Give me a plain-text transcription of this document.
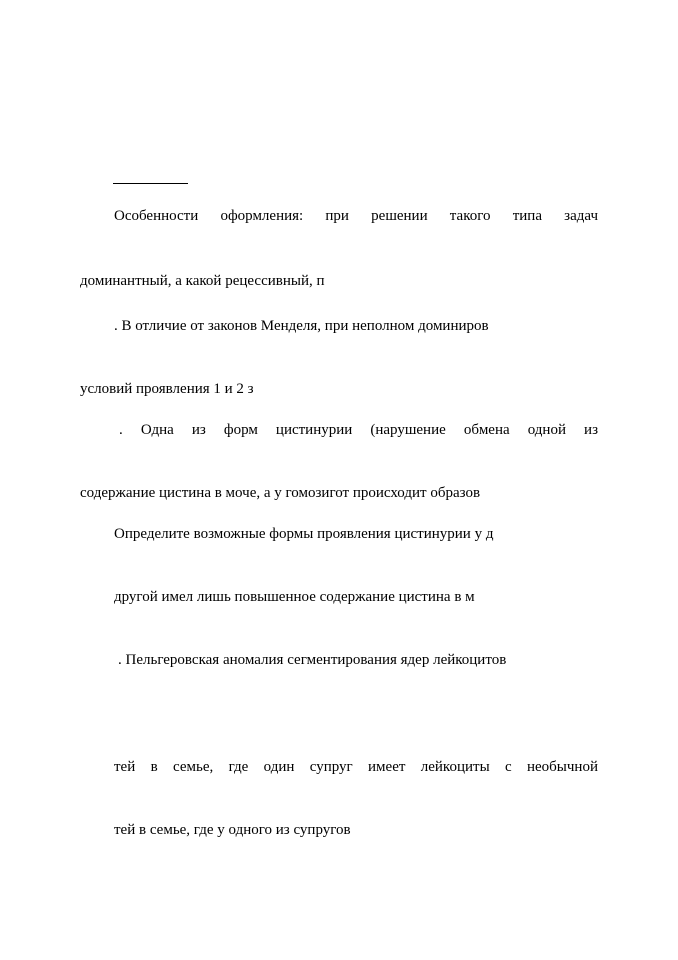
Особенности оформления: при решении такого типа задач
доминантный, а какой рецессивный, п
. В отличие от законов Менделя, при неполном доминиров
условий проявления 1 и 2 з
. Одна из форм цистинурии (нарушение обмена одной из
содержание цистина в моче, а у гомозигот происходит образов
Определите возможные формы проявления цистинурии у д
другой имел лишь повышенное содержание цистина в м
. Пельгеровская аномалия сегментирования ядер лейкоцитов
тей в семье, где один супруг имеет лейкоциты с необычной
тей в семье, где у одного из супругов
